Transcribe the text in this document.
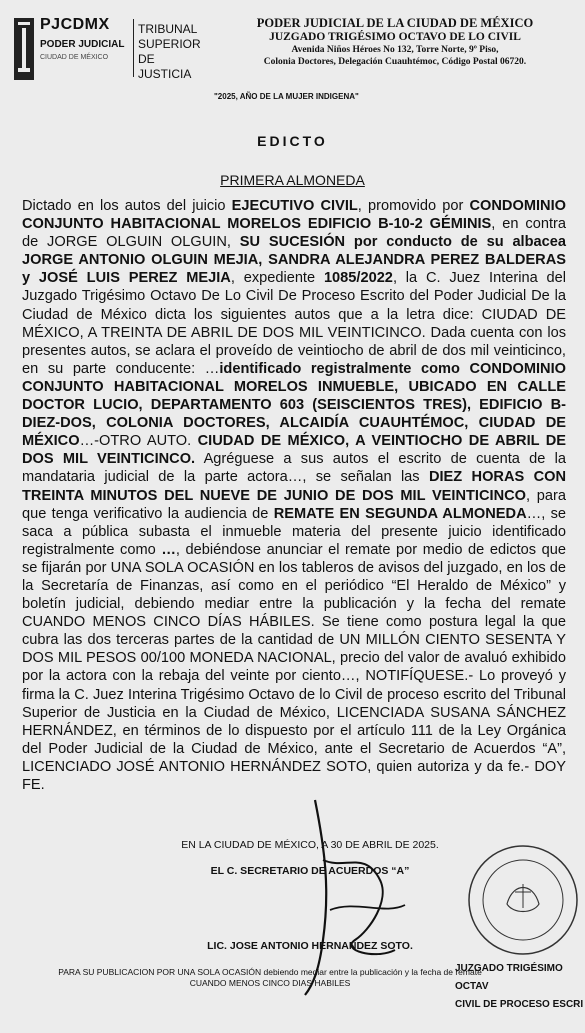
PJCDMX
PODER JUDICIAL
CIUDAD DE MÉXICO
TRIBUNAL
SUPERIOR DE
JUSTICIA
PODER JUDICIAL DE LA CIUDAD DE MÉXICO
JUZGADO TRIGÉSIMO OCTAVO DE LO CIVIL
Avenida Niños Héroes No 132, Torre Norte, 9º Piso,
Colonia Doctores, Delegación Cuauhtémoc, Código Postal 06720.
"2025, AÑO DE LA MUJER INDIGENA"
EDICTO
PRIMERA ALMONEDA
Dictado en los autos del juicio EJECUTIVO CIVIL, promovido por CONDOMINIO CONJUNTO HABITACIONAL MORELOS EDIFICIO B-10-2 GÉMINIS, en contra de JORGE OLGUIN OLGUIN, SU SUCESIÓN por conducto de su albacea JORGE ANTONIO OLGUIN MEJIA, SANDRA ALEJANDRA PEREZ BALDERAS y JOSÉ LUIS PEREZ MEJIA, expediente 1085/2022, la C. Juez Interina del Juzgado Trigésimo Octavo De Lo Civil De Proceso Escrito del Poder Judicial De la Ciudad de México dicta los siguientes autos que a la letra dice: CIUDAD DE MÉXICO, A TREINTA DE ABRIL DE DOS MIL VEINTICINCO. Dada cuenta con los presentes autos, se aclara el proveído de veintiocho de abril de dos mil veinticinco, en su parte conducente: …identificado registralmente como CONDOMINIO CONJUNTO HABITACIONAL MORELOS INMUEBLE, UBICADO EN CALLE DOCTOR LUCIO, DEPARTAMENTO 603 (SEISCIENTOS TRES), EDIFICIO B-DIEZ-DOS, COLONIA DOCTORES, ALCAIDÍA CUAUHTÉMOC, CIUDAD DE MÉXICO…-OTRO AUTO. CIUDAD DE MÉXICO, A VEINTIOCHO DE ABRIL DE DOS MIL VEINTICINCO. Agréguese a sus autos el escrito de cuenta de la mandataria judicial de la parte actora…, se señalan las DIEZ HORAS CON TREINTA MINUTOS DEL NUEVE DE JUNIO DE DOS MIL VEINTICINCO, para que tenga verificativo la audiencia de REMATE EN SEGUNDA ALMONEDA…, se saca a pública subasta el inmueble materia del presente juicio identificado registralmente como …, debiéndose anunciar el remate por medio de edictos que se fijarán por UNA SOLA OCASIÓN en los tableros de avisos del juzgado, en los de la Secretaría de Finanzas, así como en el periódico “El Heraldo de México” y boletín judicial, debiendo mediar entre la publicación y la fecha del remate CUANDO MENOS CINCO DÍAS HÁBILES. Se tiene como postura legal la que cubra las dos terceras partes de la cantidad de UN MILLÓN CIENTO SESENTA Y DOS MIL PESOS 00/100 MONEDA NACIONAL, precio del valor de avaluó exhibido por la actora con la rebaja del veinte por ciento…, NOTIFÍQUESE.- Lo proveyó y firma la C. Juez Interina Trigésimo Octavo de lo Civil de proceso escrito del Tribunal Superior de Justicia en la Ciudad de México, LICENCIADA SUSANA SÁNCHEZ HERNÁNDEZ, en términos de lo dispuesto por el artículo 111 de la Ley Orgánica del Poder Judicial de la Ciudad de México, ante el Secretario de Acuerdos “A”, LICENCIADO JOSÉ ANTONIO HERNÁNDEZ SOTO, quien autoriza y da fe.- DOY FE.
EN LA CIUDAD DE MÉXICO, A 30 DE ABRIL DE 2025.
EL C. SECRETARIO DE ACUERDOS “A”
LIC. JOSE ANTONIO HERNANDEZ SOTO.
PARA SU PUBLICACION POR UNA SOLA OCASIÓN debiendo mediar entre la publicación y la fecha de remate
CUANDO MENOS CINCO DIAS HABILES
JUZGADO TRIGÉSIMO OCTAV
CIVIL DE PROCESO ESCRI
